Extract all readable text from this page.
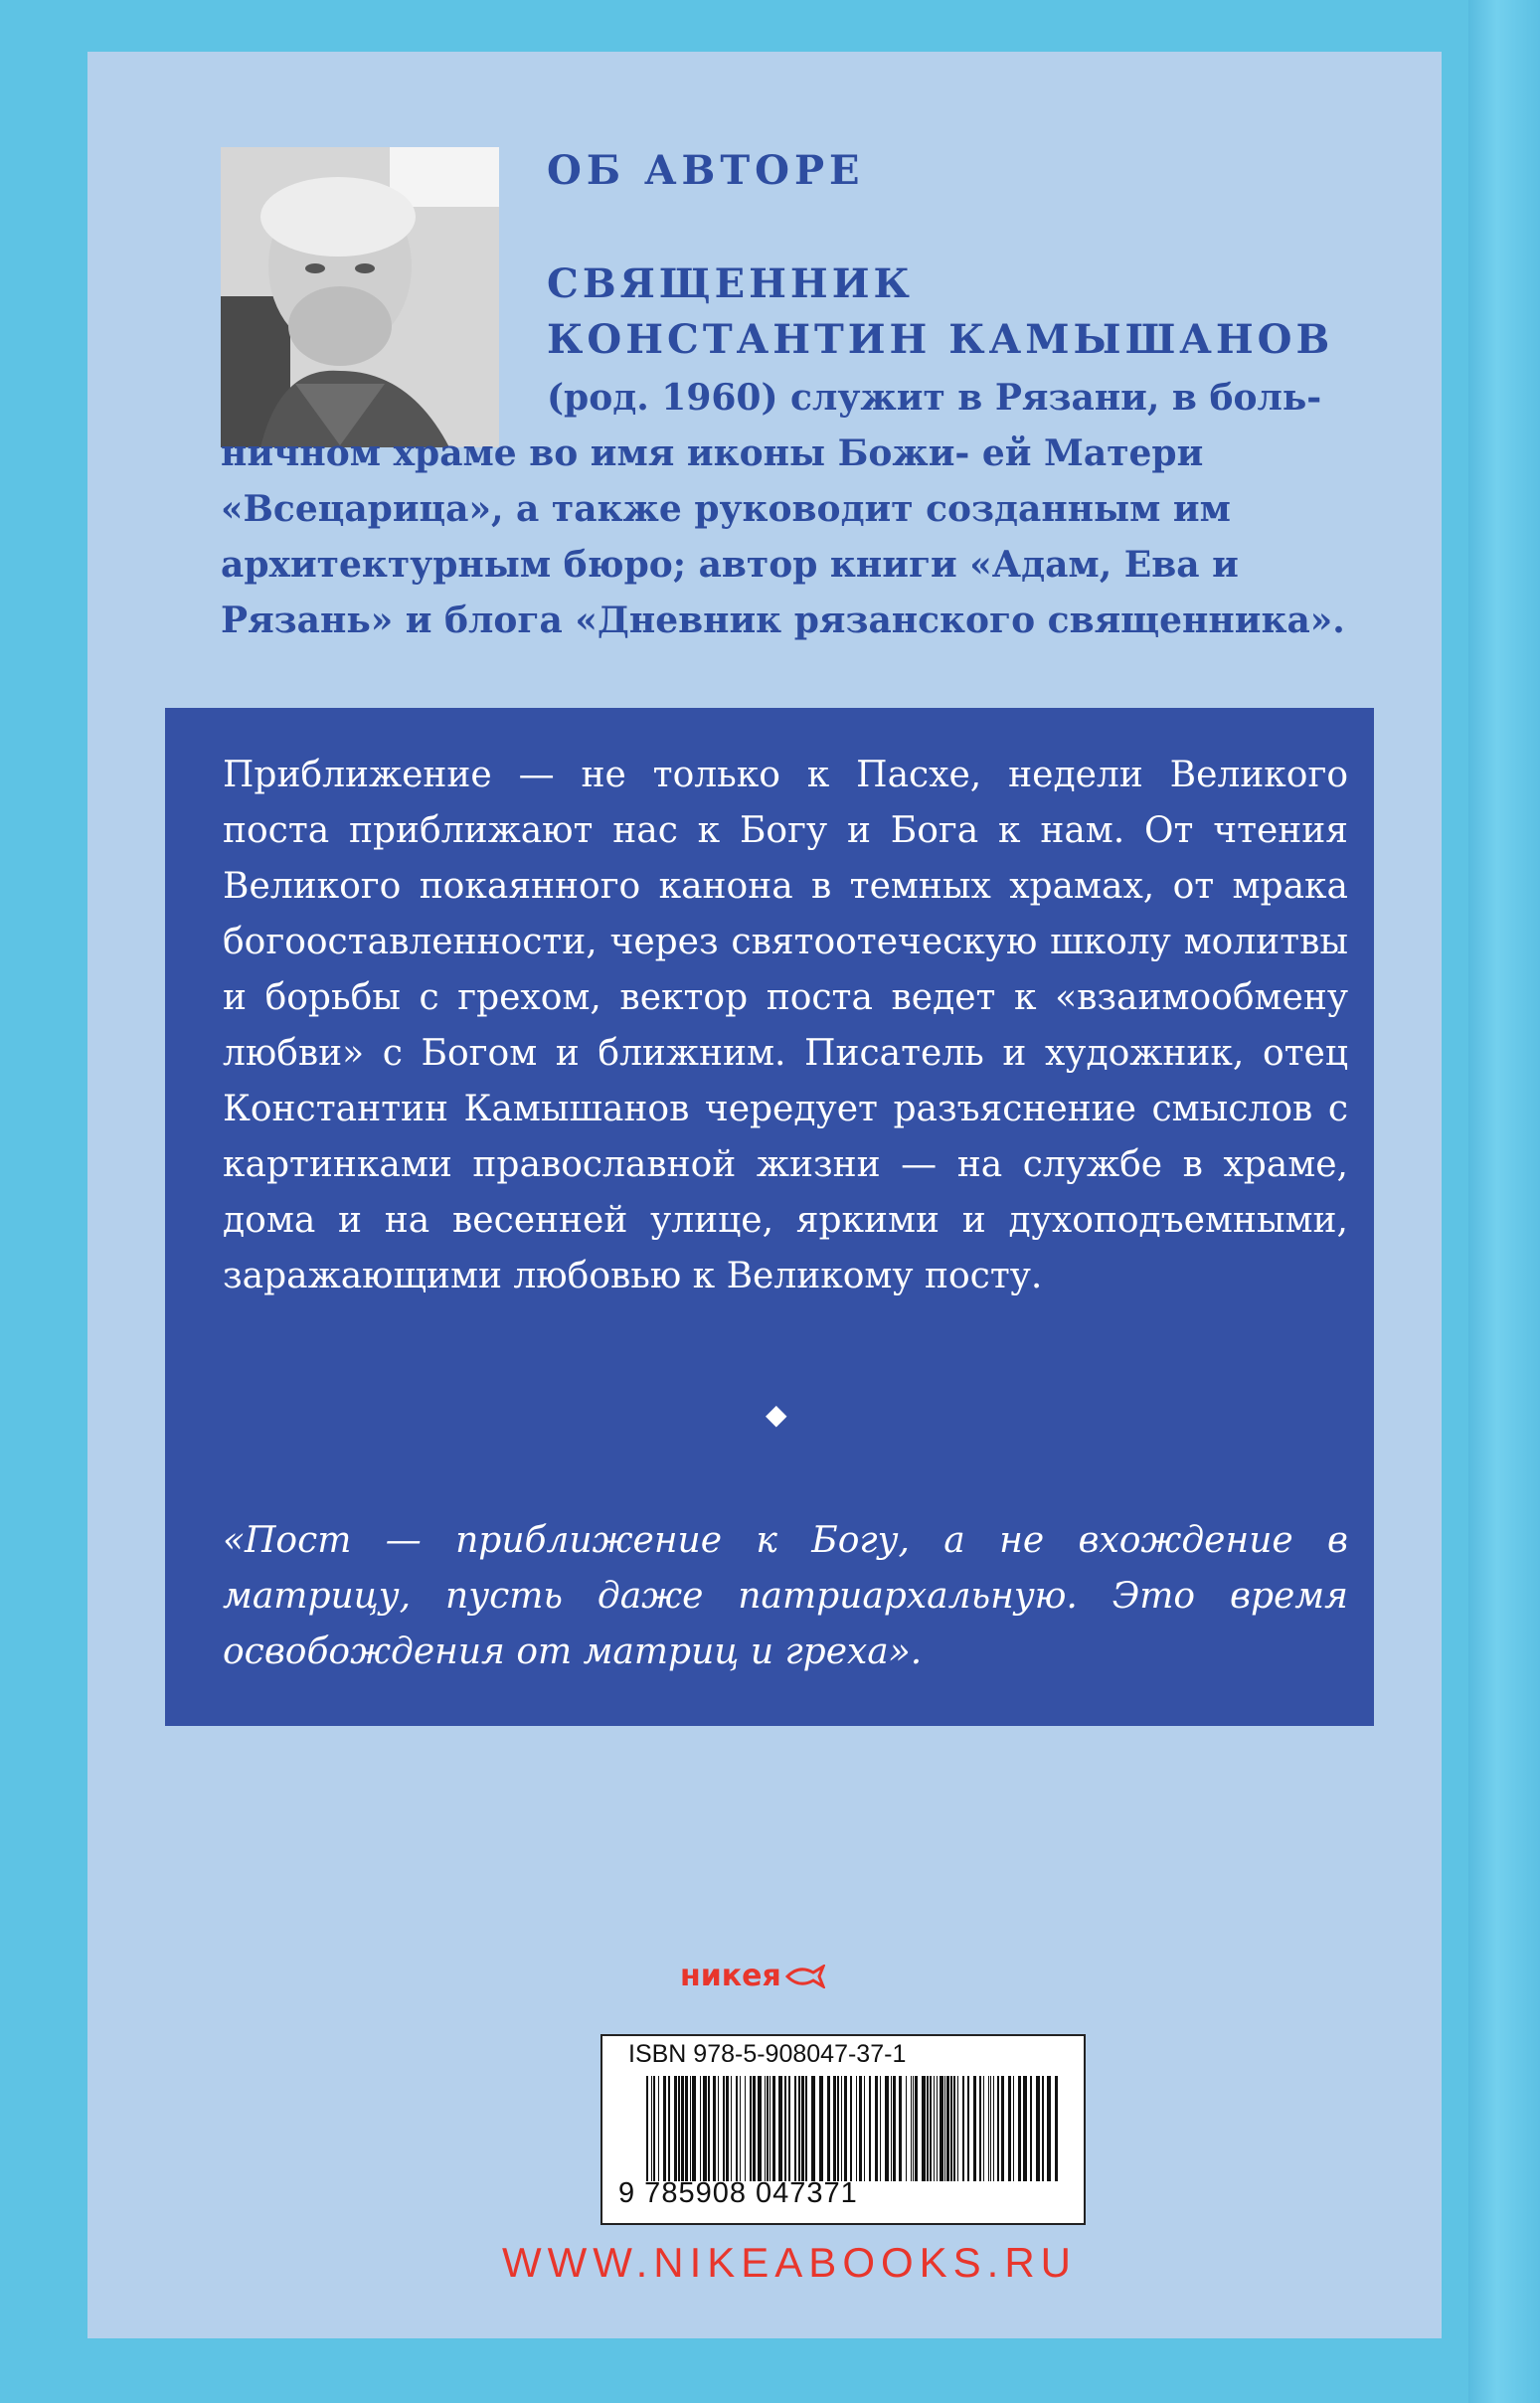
ОБ АВТОРЕ

СВЯЩЕННИК
КОНСТАНТИН КАМЫШАНОВ

(род. 1960) служит в Рязани, в боль-
ничном храме во имя иконы Божи- ей Матери «Всецарица», а также руководит созданным им архитектурным бюро; автор книги «Адам, Ева и Рязань» и блога «Дневник рязанского священника».

Приближение — не только к Пасхе, недели Великого поста приближают нас к Богу и Бога к нам. От чтения Великого покаянного канона в темных храмах, от мрака богооставленности, через святоотеческую школу молитвы и борьбы с грехом, вектор поста ведет к «взаимообмену любви» с Богом и ближним. Писатель и художник, отец Константин Камышанов чередует разъяснение смыслов с картинками православной жизни — на службе в храме, дома и на весенней улице, яркими и духоподъемными, заражающими любовью к Великому посту.

◆

«Пост — приближение к Богу, а не вхождение в матрицу, пусть даже патриархальную. Это время освобождения от матриц и греха».

никея

ISBN 978-5-908047-37-1

9 785908 047371

WWW.NIKEABOOKS.RU
